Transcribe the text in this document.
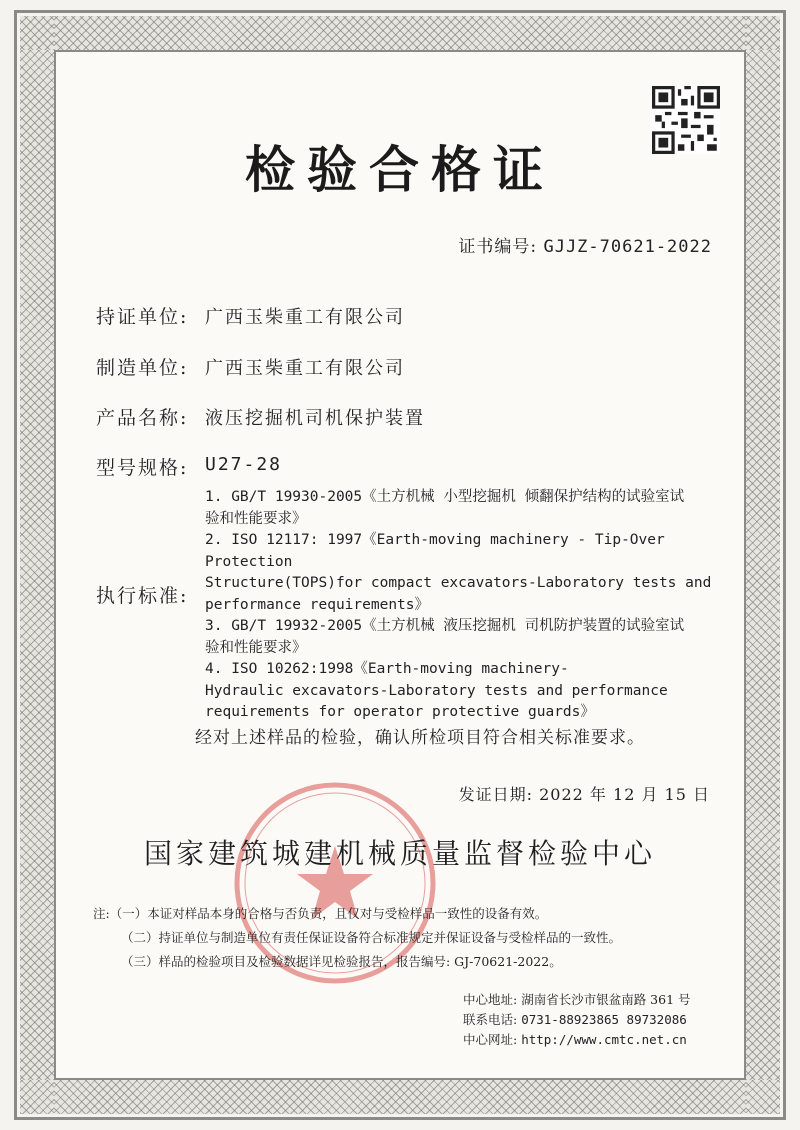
检验合格证
证书编号: GJJZ-70621-2022
持证单位: 广西玉柴重工有限公司
制造单位: 广西玉柴重工有限公司
产品名称: 液压挖掘机司机保护装置
型号规格: U27-28
执行标准:

1. GB/T 19930-2005《土方机械 小型挖掘机 倾翻保护结构的试验室试

验和性能要求》

2. ISO 12117: 1997《Earth-moving machinery - Tip-Over Protection

Structure(TOPS)for compact excavators-Laboratory tests and

performance requirements》

3. GB/T 19932-2005《土方机械 液压挖掘机 司机防护装置的试验室试

验和性能要求》

4. ISO 10262:1998《Earth-moving machinery-

Hydraulic excavators-Laboratory tests and performance

requirements for operator protective guards》

经对上述样品的检验，确认所检项目符合相关标准要求。
发证日期: 2022 年 12 月 15 日
国家建筑城建机械质量监督检验中心
注:（一）本证对样品本身的合格与否负责，且仅对与受检样品一致性的设备有效。
（二）持证单位与制造单位有责任保证设备符合标准规定并保证设备与受检样品的一致性。
（三）样品的检验项目及检验数据详见检验报告，报告编号: GJ-70621-2022。
中心地址: 湖南省长沙市银盆南路 361 号
联系电话: 0731-88923865 89732086
中心网址: http://www.cmtc.net.cn
